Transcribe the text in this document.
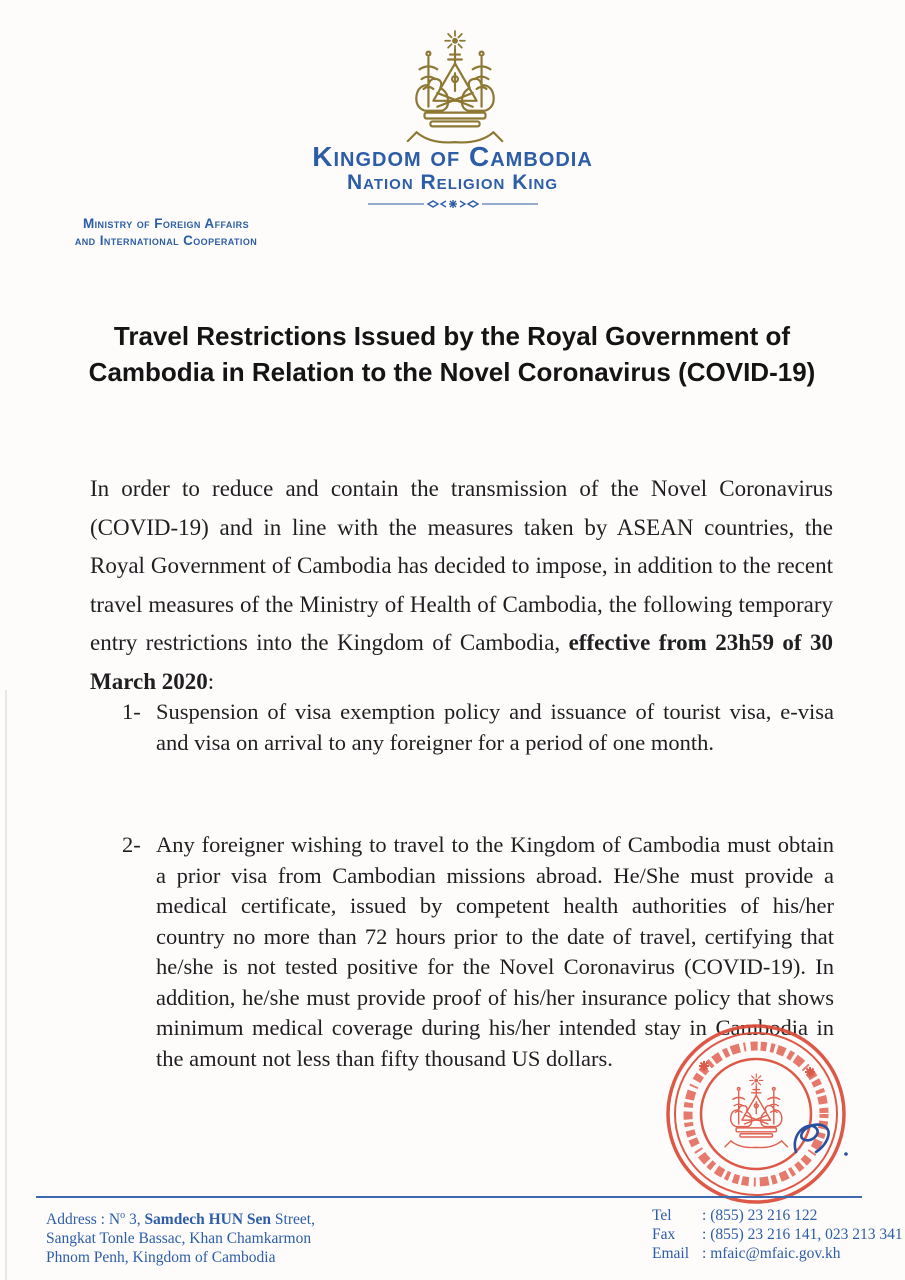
Kingdom of Cambodia
Nation Religion King
Ministry of Foreign Affairs
and International Cooperation
Travel Restrictions Issued by the Royal Government of
Cambodia in Relation to the Novel Coronavirus (COVID-19)

In order to reduce and contain the transmission of the Novel Coronavirus (COVID-19) and in line with the measures taken by ASEAN countries, the Royal Government of Cambodia has decided to impose, in addition to the recent travel measures of the Ministry of Health of Cambodia, the following temporary entry restrictions into the Kingdom of Cambodia, effective from 23h59 of 30 March 2020:

1- Suspension of visa exemption policy and issuance of tourist visa, e-visa and visa on arrival to any foreigner for a period of one month.
2- Any foreigner wishing to travel to the Kingdom of Cambodia must obtain a prior visa from Cambodian missions abroad. He/She must provide a medical certificate, issued by competent health authorities of his/her country no more than 72 hours prior to the date of travel, certifying that he/she is not tested positive for the Novel Coronavirus (COVID-19). In addition, he/she must provide proof of his/her insurance policy that shows minimum medical coverage during his/her intended stay in Cambodia in the amount not less than fifty thousand US dollars.
Address : $N^o$ 3, Samdech HUN Sen Street,
Sangkat Tonle Bassac, Khan Chamkarmon
Phnom Penh, Kingdom of Cambodia
Tel	: (855) 23 216 122
Fax	: (855) 23 216 141, 023 213 341
Email : mfaic@mfaic.gov.kh
